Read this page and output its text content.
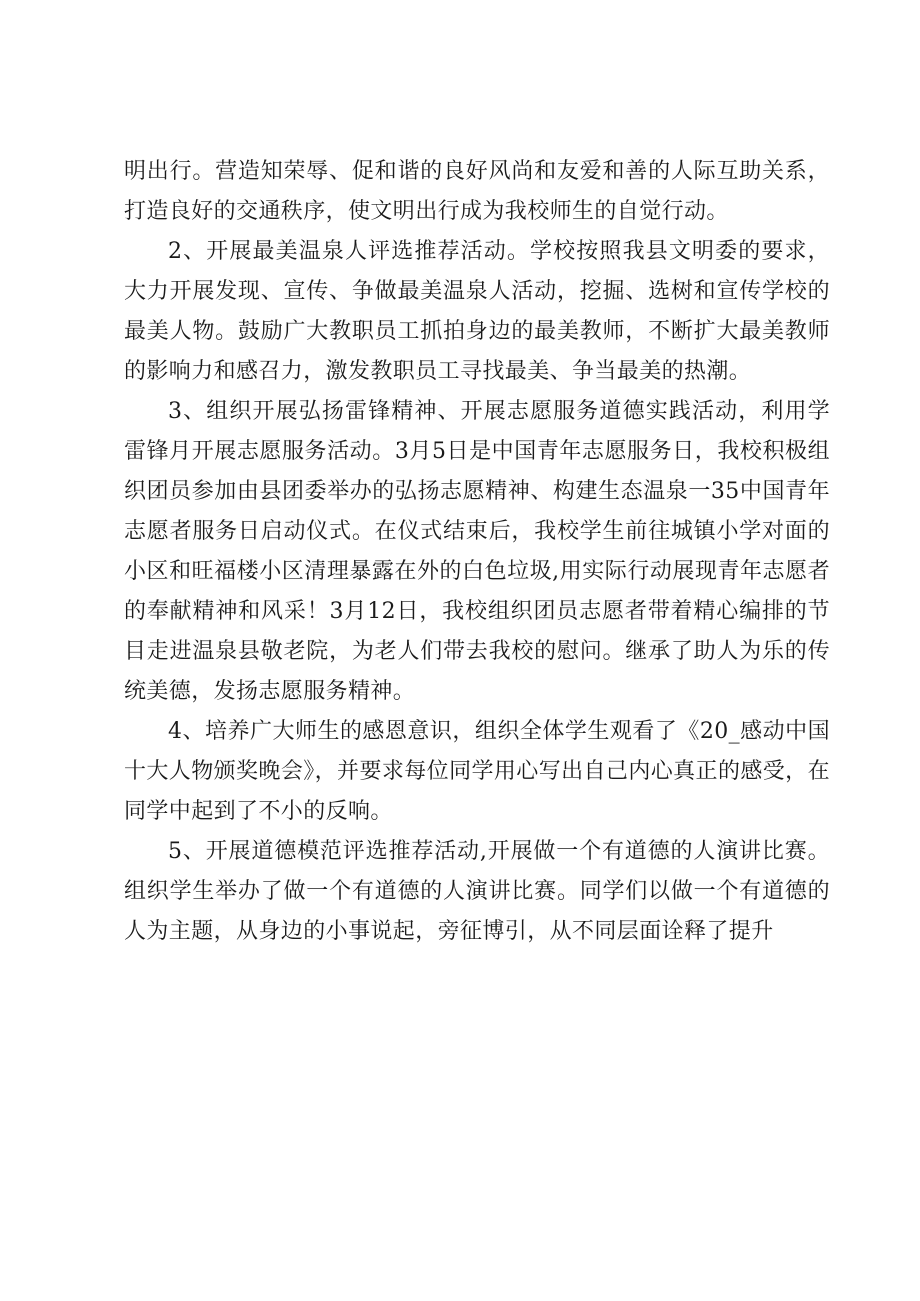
明出行。营造知荣辱、促和谐的良好风尚和友爱和善的人际互助关系，打造良好的交通秩序，使文明出行成为我校师生的自觉行动。

2、开展最美温泉人评选推荐活动。学校按照我县文明委的要求，大力开展发现、宣传、争做最美温泉人活动，挖掘、选树和宣传学校的最美人物。鼓励广大教职员工抓拍身边的最美教师，不断扩大最美教师的影响力和感召力，激发教职员工寻找最美、争当最美的热潮。

3、组织开展弘扬雷锋精神、开展志愿服务道德实践活动，利用学雷锋月开展志愿服务活动。3月5日是中国青年志愿服务日，我校积极组织团员参加由县团委举办的弘扬志愿精神、构建生态温泉一35中国青年志愿者服务日启动仪式。在仪式结束后，我校学生前往城镇小学对面的小区和旺福楼小区清理暴露在外的白色垃圾,用实际行动展现青年志愿者的奉献精神和风采！3月12日，我校组织团员志愿者带着精心编排的节目走进温泉县敬老院，为老人们带去我校的慰问。继承了助人为乐的传统美德，发扬志愿服务精神。

4、培养广大师生的感恩意识，组织全体学生观看了《20_感动中国十大人物颁奖晚会》，并要求每位同学用心写出自己内心真正的感受，在同学中起到了不小的反响。

5、开展道德模范评选推荐活动,开展做一个有道德的人演讲比赛。组织学生举办了做一个有道德的人演讲比赛。同学们以做一个有道德的人为主题，从身边的小事说起，旁征博引，从不同层面诠释了提升
